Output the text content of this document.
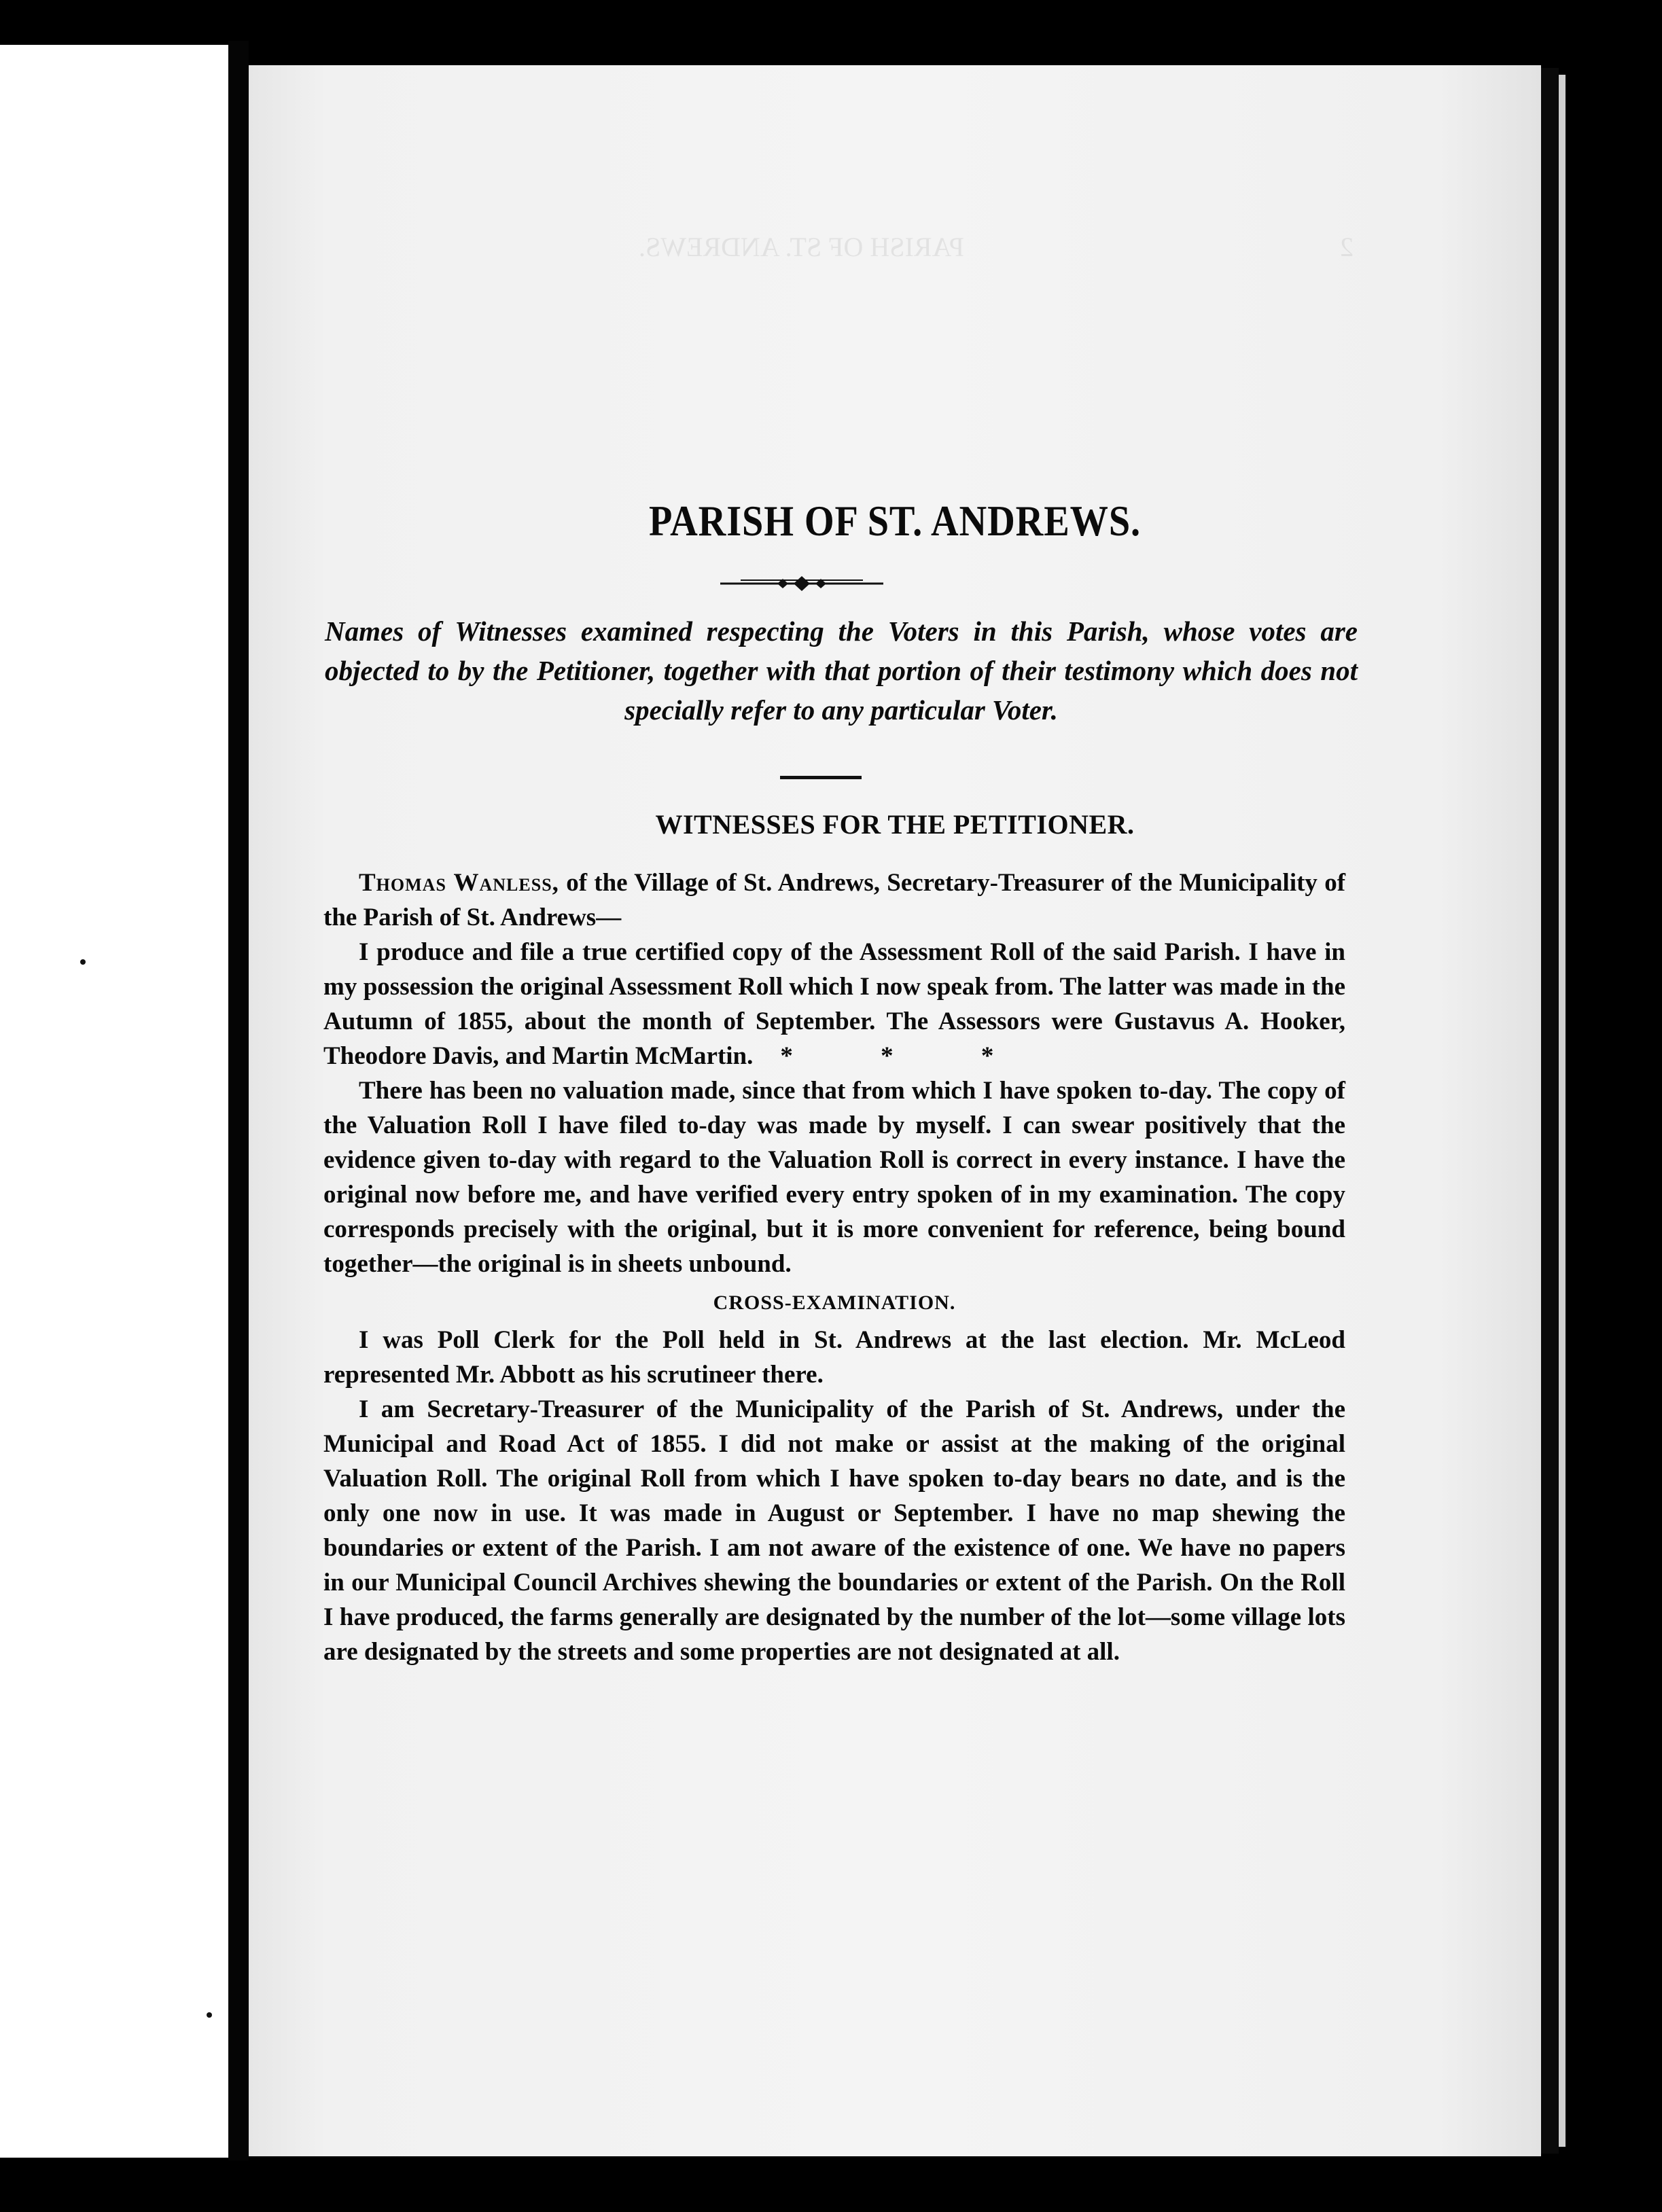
PARISH OF ST. ANDREWS.	2
PARISH OF ST. ANDREWS.

Names of Witnesses examined respecting the Voters in this Parish, whose votes are objected to by the Petitioner, together with that portion of their testimony which does not specially refer to any particular Voter.

WITNESSES FOR THE PETITIONER.

Thomas Wanless, of the Village of St. Andrews, Secretary-Treasurer of the Municipality of the Parish of St. Andrews—

I produce and file a true certified copy of the Assessment Roll of the said Parish. I have in my possession the original Assessment Roll which I now speak from. The latter was made in the Autumn of 1855, about the month of September. The Assessors were Gustavus A. Hooker, Theodore Davis, and Martin McMartin. * * *

There has been no valuation made, since that from which I have spoken to-day. The copy of the Valuation Roll I have filed to-day was made by myself. I can swear positively that the evidence given to-day with regard to the Valuation Roll is correct in every instance. I have the original now before me, and have verified every entry spoken of in my examination. The copy corresponds precisely with the original, but it is more convenient for reference, being bound together—the original is in sheets unbound.

CROSS-EXAMINATION.

I was Poll Clerk for the Poll held in St. Andrews at the last election. Mr. McLeod represented Mr. Abbott as his scrutineer there.

I am Secretary-Treasurer of the Municipality of the Parish of St. Andrews, under the Municipal and Road Act of 1855. I did not make or assist at the making of the original Valuation Roll. The original Roll from which I have spoken to-day bears no date, and is the only one now in use. It was made in August or September. I have no map shewing the boundaries or extent of the Parish. I am not aware of the existence of one. We have no papers in our Municipal Council Archives shewing the boundaries or extent of the Parish. On the Roll I have produced, the farms generally are designated by the number of the lot—some village lots are designated by the streets and some properties are not designated at all.
